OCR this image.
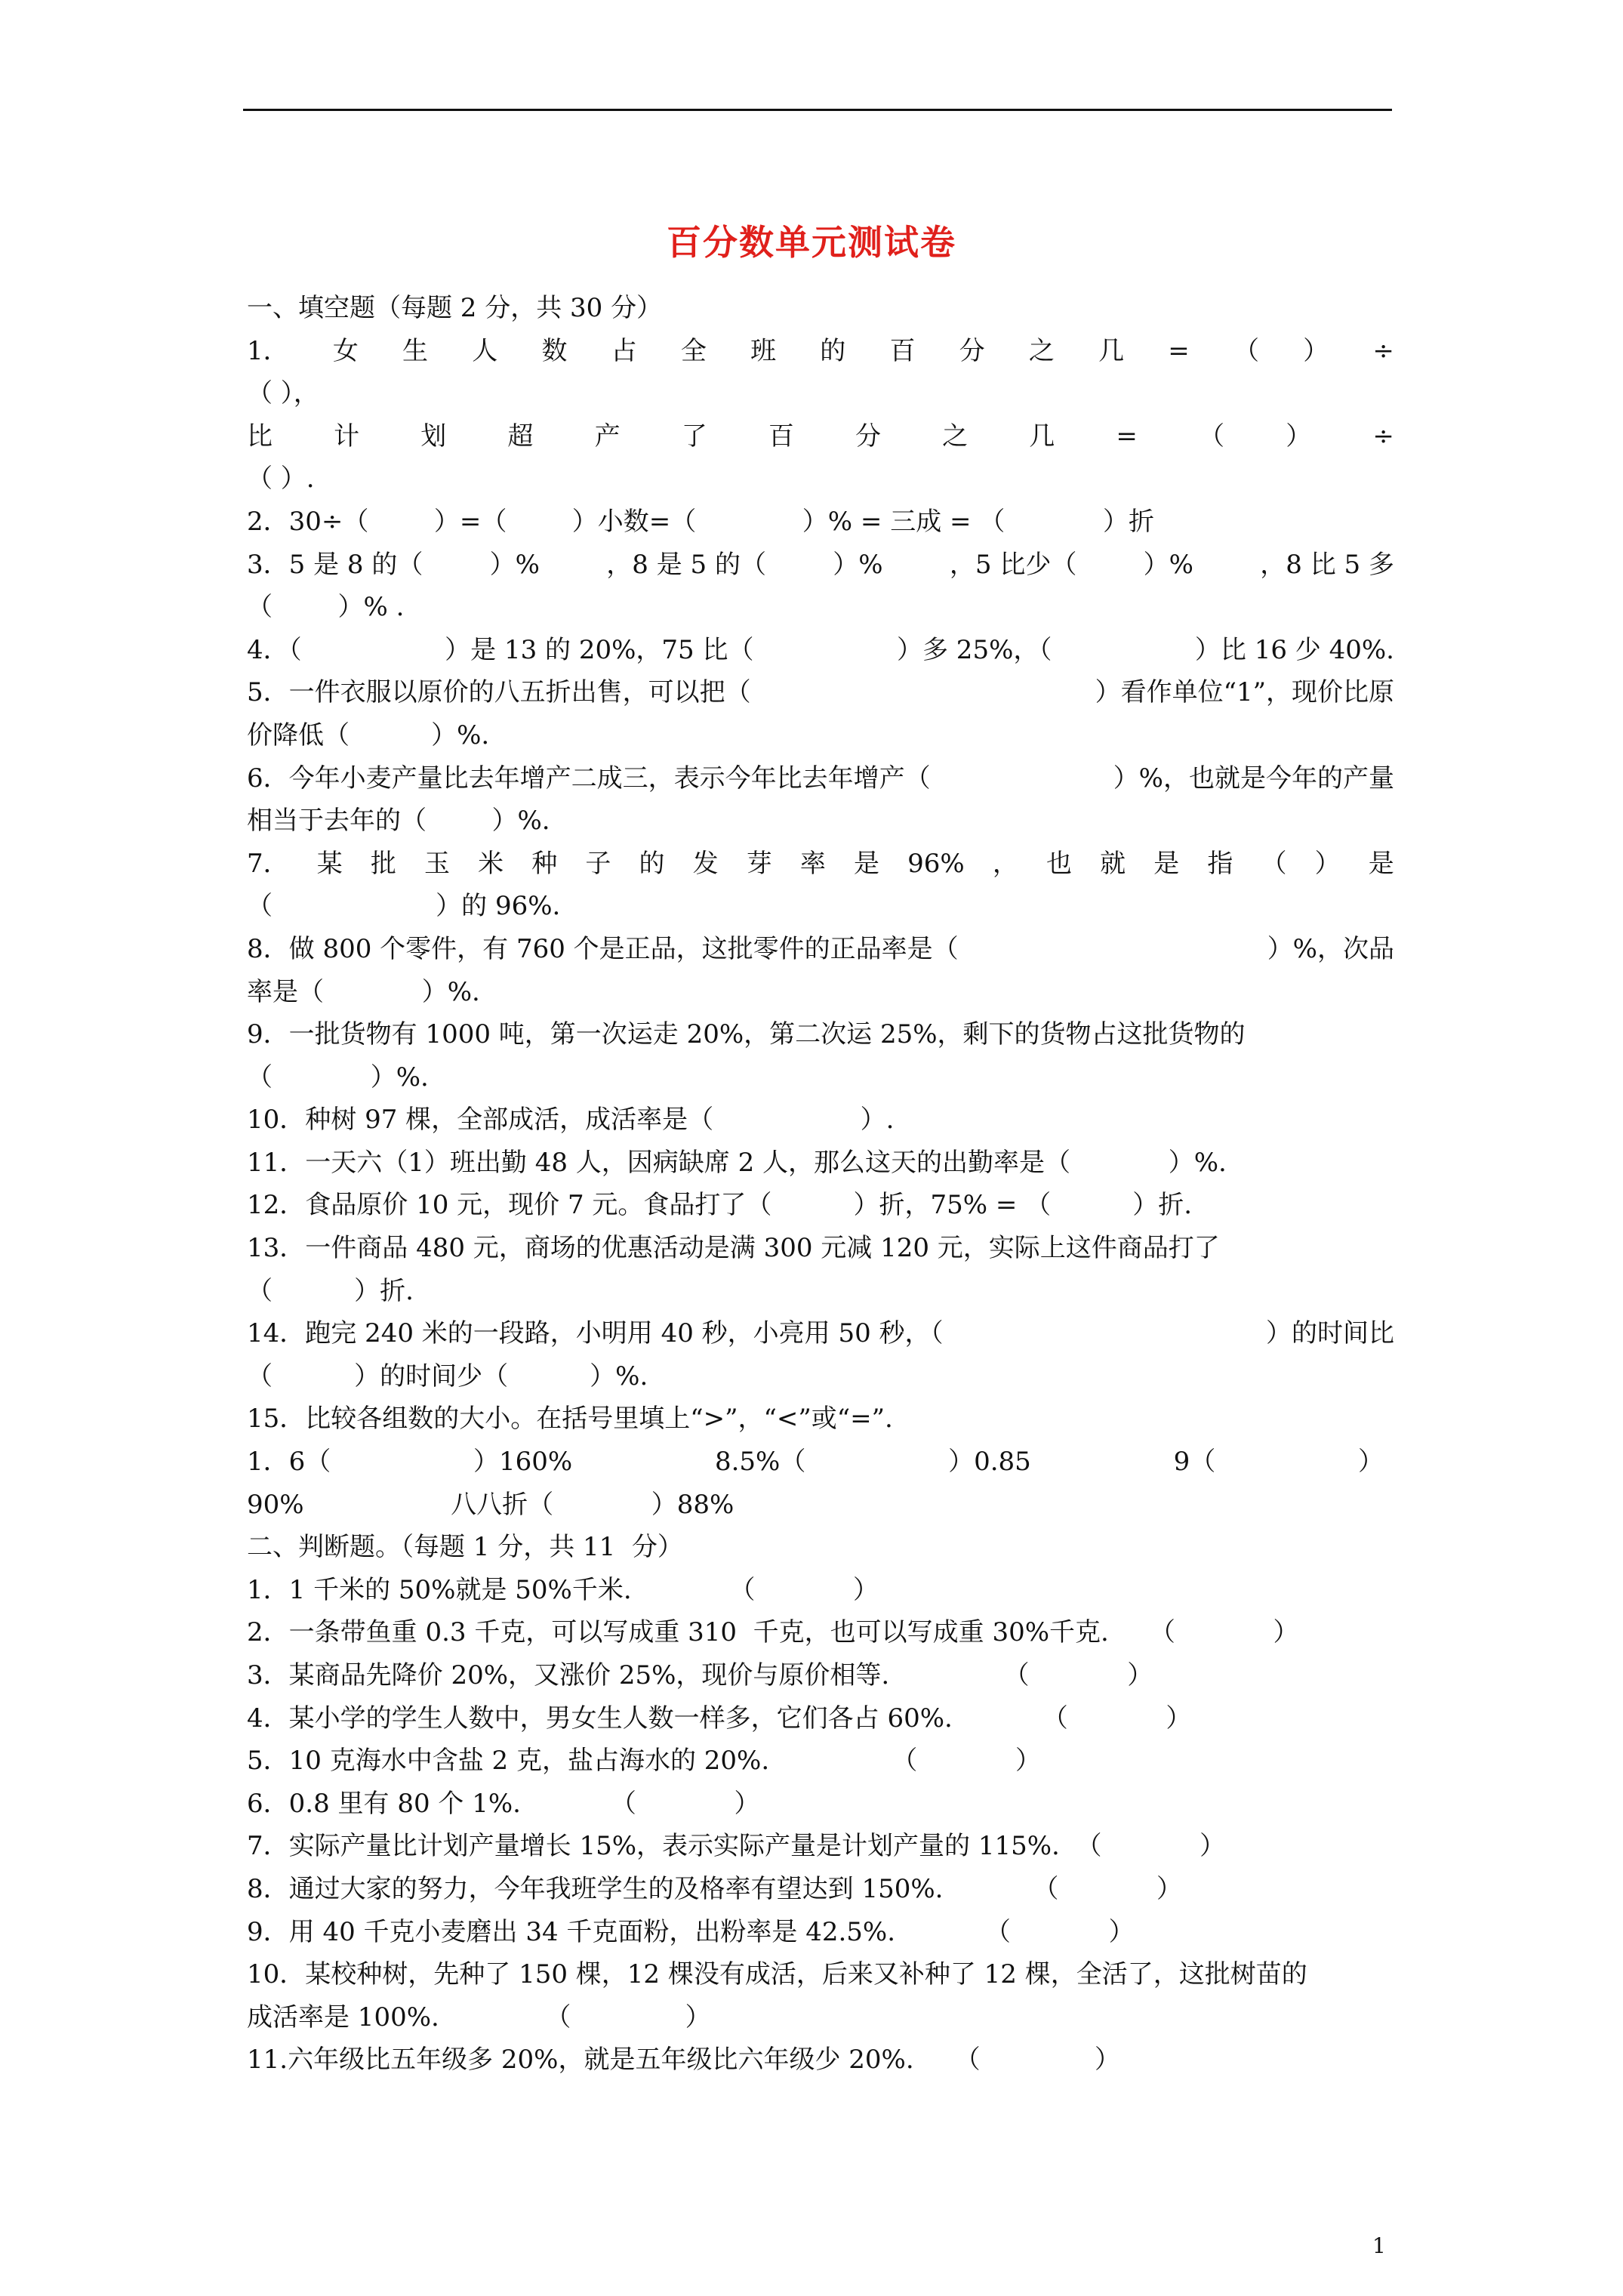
百分数单元测试卷
一、填空题（每题 2 分，共 30 分）
1． 女 生 人 数 占 全 班 的 百 分 之 几 = （ ） ÷
（ ），
比 计 划 超 产 了 百 分 之 几 = （ ） ÷
（ ）.
2．30÷（        ）=（        ）小数=（             ）% = 三成 = （            ）折
3．5 是 8 的（	）%	，8 是 5 的（	）%	，5 比少（	）%	，8 比 5 多
（        ）% .
4．（	）是 13 的 20%，75 比（	）多 25%，（	）比 16 少 40%.
5．一件衣服以原价的八五折出售，可以把（	）看作单位“1”，现价比原
价降低（          ）%.
6．今年小麦产量比去年增产二成三，表示今年比去年增产（	）%，也就是今年的产量
相当于去年的（        ）%.
7． 某 批 玉 米 种 子 的 发 芽 率 是 96% ， 也 就 是 指 （ ） 是
（                    ）的 96%.
8．做 800 个零件，有 760 个是正品，这批零件的正品率是（	）%，次品
率是（            ）%.
9．一批货物有 1000 吨，第一次运走 20%，第二次运 25%，剩下的货物占这批货物的
（            ）%.
10．种树 97 棵，全部成活，成活率是（                  ）.
11．一天六（1）班出勤 48 人，因病缺席 2 人，那么这天的出勤率是（            ）%.
12．食品原价 10 元，现价 7 元。食品打了（          ）折，75% = （          ）折.
13．一件商品 480 元，商场的优惠活动是满 300 元减 120 元，实际上这件商品打了
（          ）折.
14．跑完 240 米的一段路，小明用 40 秒，小亮用 50 秒，（	）的时间比
（          ）的时间少（          ）%.
15．比较各组数的大小。在括号里填上“>”，“<”或“=”.
1．6（	）160%	8.5%（	）0.85	9（	）
90%                  八八折（            ）88%
二、判断题。（每题 1 分，共 11  分）
1．1 千米的 50%就是 50%千米.            （            ）
2．一条带鱼重 0.3 千克，可以写成重 310  千克，也可以写成重 30%千克.     （            ）
3．某商品先降价 20%，又涨价 25%，现价与原价相等.              （            ）
4．某小学的学生人数中，男女生人数一样多，它们各占 60%.           （            ）
5．10 克海水中含盐 2 克，盐占海水的 20%.               （            ）
6．0.8 里有 80 个 1%.           （            ）
7．实际产量比计划产量增长 15%，表示实际产量是计划产量的 115%.  （            ）
8．通过大家的努力，今年我班学生的及格率有望达到 150%.           （            ）
9．用 40 千克小麦磨出 34 千克面粉，出粉率是 42.5%.           （            ）
10．某校种树，先种了 150 棵，12 棵没有成活，后来又补种了 12 棵，全活了，这批树苗的
成活率是 100%.             （              ）
11.六年级比五年级多 20%，就是五年级比六年级少 20%.     （              ）
1
